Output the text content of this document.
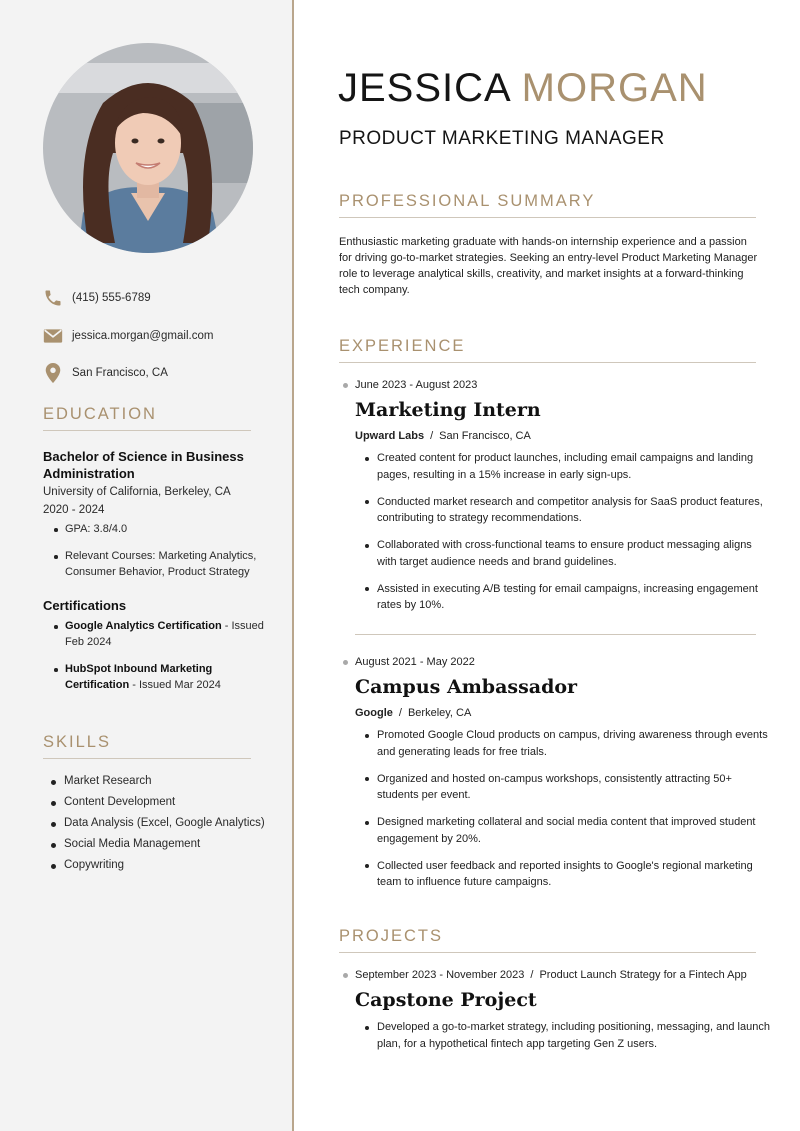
(415) 555-6789
jessica.morgan@gmail.com
San Francisco, CA
EDUCATION
Bachelor of Science in Business Administration
University of California, Berkeley, CA
2020 - 2024
GPA: 3.8/4.0
Relevant Courses: Marketing Analytics, Consumer Behavior, Product Strategy
Certifications
Google Analytics Certification - Issued Feb 2024
HubSpot Inbound Marketing Certification - Issued Mar 2024
SKILLS
Market Research
Content Development
Data Analysis (Excel, Google Analytics)
Social Media Management
Copywriting
JESSICA MORGAN
PRODUCT MARKETING MANAGER
PROFESSIONAL SUMMARY

Enthusiastic marketing graduate with hands-on internship experience and a passion for driving go-to-market strategies. Seeking an entry-level Product Marketing Manager role to leverage analytical skills, creativity, and market insights at a forward-thinking tech company.

EXPERIENCE
June 2023 - August 2023
Marketing Intern
Upward Labs / San Francisco, CA
Created content for product launches, including email campaigns and landing pages, resulting in a 15% increase in early sign-ups.
Conducted market research and competitor analysis for SaaS product features, contributing to strategy recommendations.
Collaborated with cross-functional teams to ensure product messaging aligns with target audience needs and brand guidelines.
Assisted in executing A/B testing for email campaigns, increasing engagement rates by 10%.
August 2021 - May 2022
Campus Ambassador
Google / Berkeley, CA
Promoted Google Cloud products on campus, driving awareness through events and generating leads for free trials.
Organized and hosted on-campus workshops, consistently attracting 50+ students per event.
Designed marketing collateral and social media content that improved student engagement by 20%.
Collected user feedback and reported insights to Google's regional marketing team to influence future campaigns.
PROJECTS
September 2023 - November 2023 / Product Launch Strategy for a Fintech App
Capstone Project
Developed a go-to-market strategy, including positioning, messaging, and launch plan, for a hypothetical fintech app targeting Gen Z users.
